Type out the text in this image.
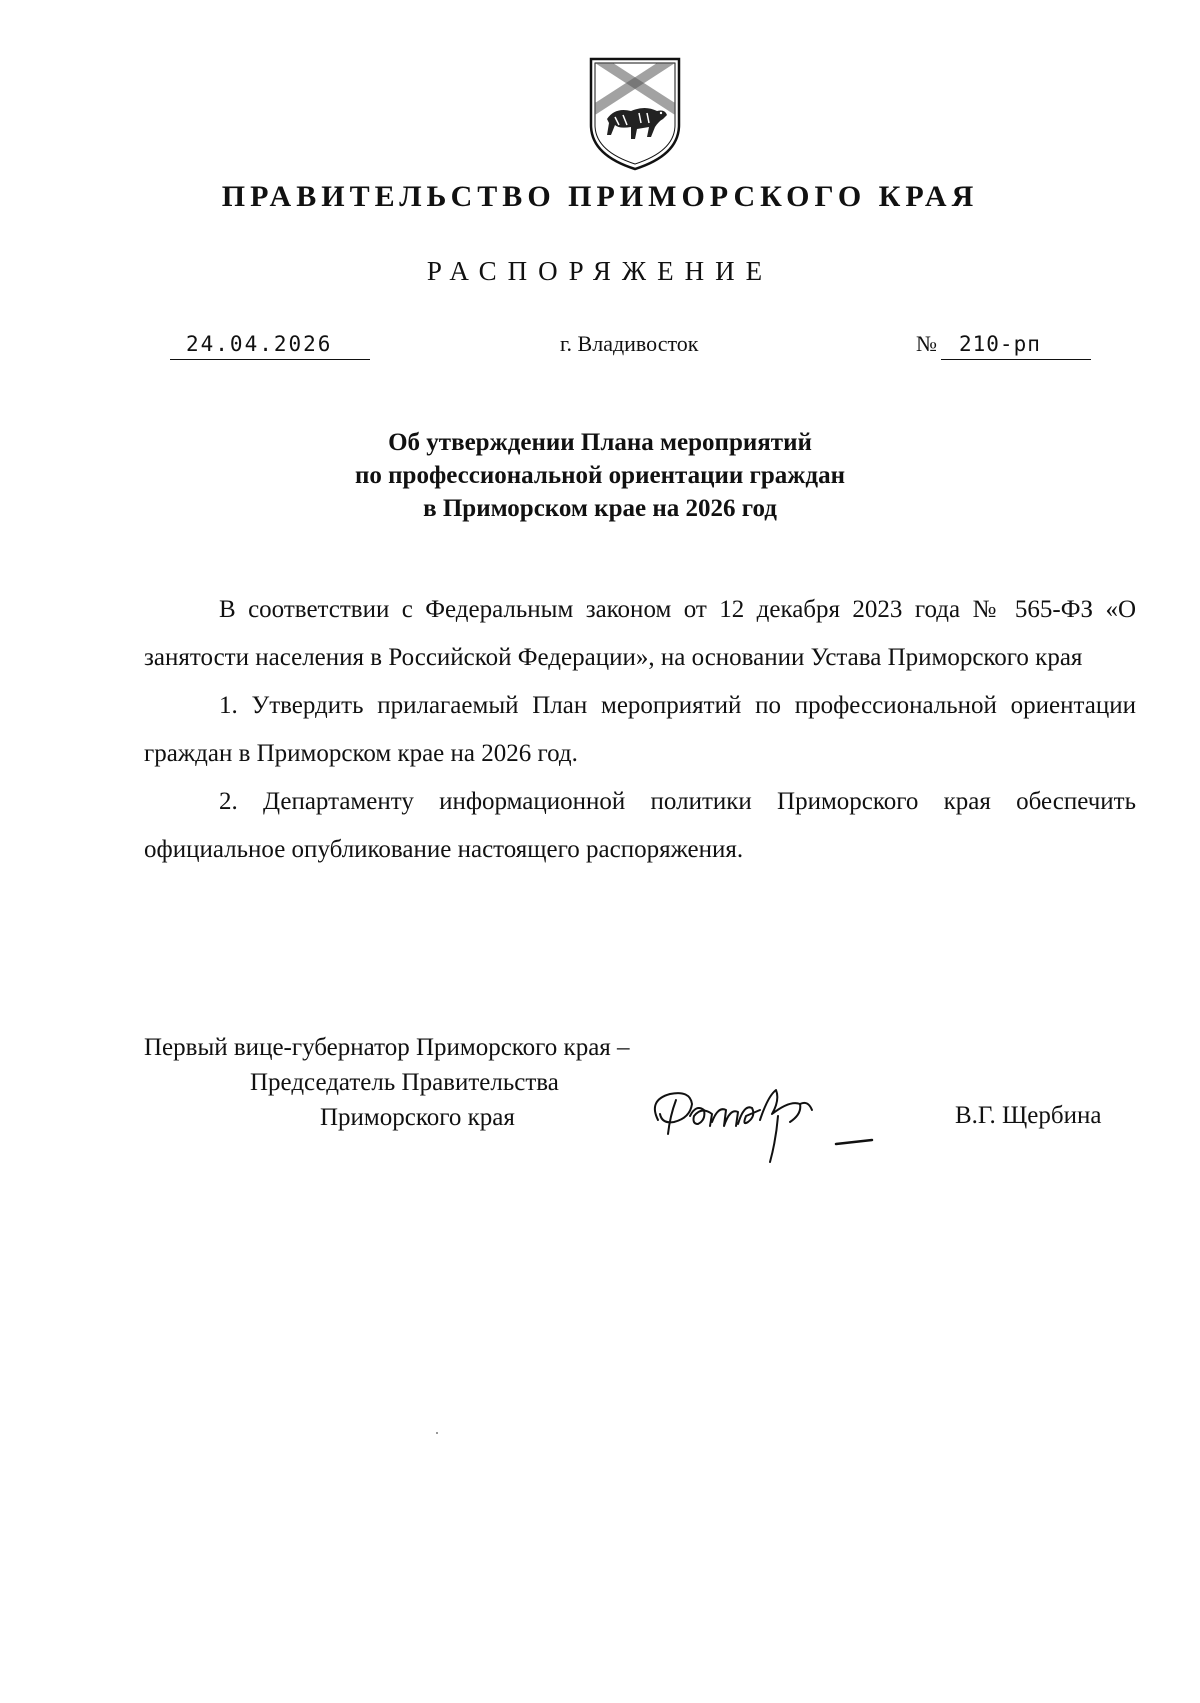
ПРАВИТЕЛЬСТВО ПРИМОРСКОГО КРАЯ
РАСПОРЯЖЕНИЕ
24.04.2026	г. Владивосток	№	210-рп
Об утверждении Плана мероприятий
по профессиональной ориентации граждан
в Приморском крае на 2026 год

В соответствии с Федеральным законом от 12 декабря 2023 года № 565-ФЗ «О занятости населения в Российской Федерации», на основании Устава Приморского края

1. Утвердить прилагаемый План мероприятий по профессиональной ориентации граждан в Приморском крае на 2026 год.

2. Департаменту информационной политики Приморского края обеспечить официальное опубликование настоящего распоряжения.

Первый вице-губернатор Приморского края –
Председатель Правительства
Приморского края	В.Г. Щербина
